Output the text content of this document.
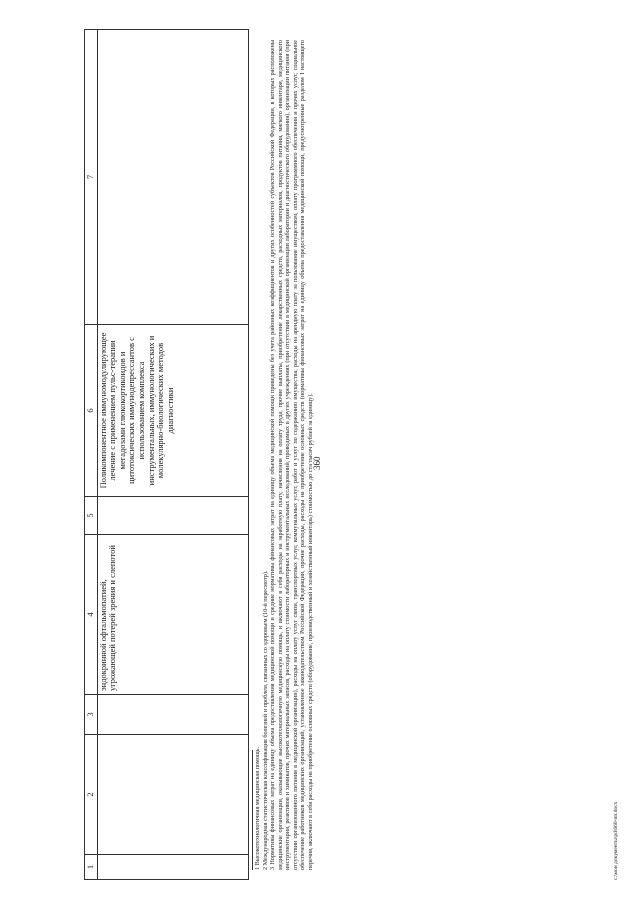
360
1	2	3	4	5	6	7
			эндокринной офтальмопатией, угрожающей потерей зрения и слепотой		Поликомпонентное иммуномодулирующее лечение с применением пульс-терапии мегадозами глюкокортикоидов и цитотоксических иммунодепрессантов с использованием комплекса инструментальных, иммунологических и молекулярно-биологических методов диагностики	

1 Высокотехнологичная медицинская помощь. 2 Международная статистическая классификация болезней и проблем, связанных со здоровьем (10-й пересмотр). 3 Нормативы финансовых затрат на единицу объема предоставления медицинской помощи и средние нормативы финансовых затрат на единицу объема медицинской помощи приведены без учета районных коэффициентов и других особенностей субъектов Российской Федерации, в которых расположены медицинские организации, оказывающие высокотехнологичную медицинскую помощь, и включают в себя расходы на заработную плату, начисления на оплату труда, прочие выплаты, приобретение лекарственных средств, расходных материалов, продуктов питания, мягкого инвентаря, медицинского инструментария, реактивов и химикатов, прочих материальных запасов, расходы на оплату стоимости лабораторных и инструментальных исследований, проводимых в других учреждениях (при отсутствии в медицинской организации лаборатории и диагностического оборудования), организации питания (при отсутствии организованного питания в медицинской организации), расходы на оплату услуг связи, транспортных услуг, коммунальных услуг, работ и услуг по содержанию имущества, расходы на арендную плату за пользование имуществом, оплату программного обеспечения и прочих услуг, социальное обеспечение работников медицинских организаций, установленное законодательством Российской Федерации, прочие расходы, расходы на приобретение основных средств (нормативы финансовых затрат на единицу объема предоставления медицинской помощи, предусмотренные разделом I настоящего перечня, включают в себя расходы на приобретение основных средств (оборудование, производственный и хозяйственный инвентарь) стоимостью до ста тысяч рублей за единицу).	c:\мои документы\pd\660-пп.docx
